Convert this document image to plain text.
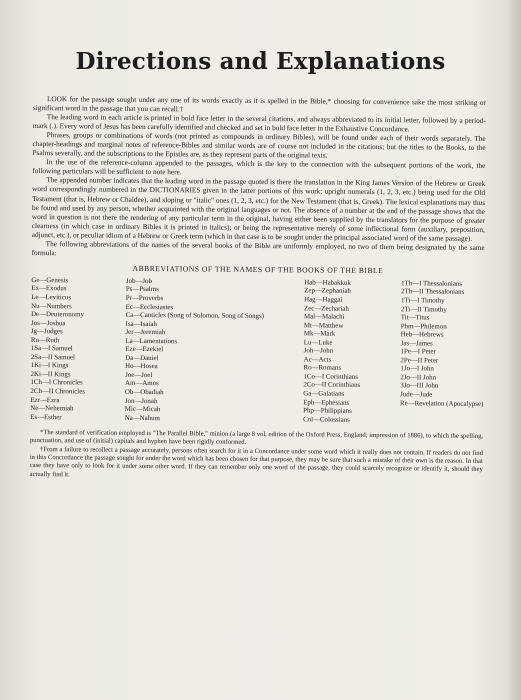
Directions and Explanations

LOOK for the passage sought under any one of its words exactly as it is spelled in the Bible,* choosing for convenience sake the most striking or significant word in the passage that you can recall.†

The leading word in each article is printed in bold face letter in the several citations, and always abbreviated to its initial letter, followed by a period-mark (.). Every word of Jesus has been carefully identified and checked and set in bold face letter in the Exhaustive Concordance.

Phrases, groups or combinations of words (not printed as compounds in ordinary Bibles), will be found under each of their words separately. The chapter-headings and marginal notes of reference-Bibles and similar words are of course not included in the citations; but the titles to the Books, to the Psalms severally, and the subscriptions to the Epistles are, as they represent parts of the original texts.

In the use of the reference-column appended to the passages, which is the key to the connection with the subsequent portions of the work, the following particulars will be sufficient to note here.

The appended number indicates that the leading word in the passage quoted is there the translation in the King James Version of the Hebrew or Greek word correspondingly numbered in the DICTIONARIES given in the latter portions of this work; upright numerals (1, 2, 3, etc.) being used for the Old Testament (that is, Hebrew or Chaldee), and sloping or "italic" ones (1, 2, 3, etc.) for the New Testament (that is, Greek). The lexical explanations may thus be found and used by any person, whether acquainted with the original languages or not. The absence of a number at the end of the passage shows that the word in question is not there the rendering of any particular term in the original, having either been supplied by the translators for the purpose of greater clearness (in which case in ordinary Bibles it is printed in italics); or being the representative merely of some inflectional form (auxiliary, preposition, adjunct, etc.), or peculiar idiom of a Hebrew or Greek term (which in that case is to be sought under the principal associated word of the same passage).

The following abbreviations of the names of the several books of the Bible are uniformly employed, no two of them being designated by the same formula:

ABBREVIATIONS OF THE NAMES OF THE BOOKS OF THE BIBLE
Ge—Genesis
Ex—Exodus
Le—Leviticus
Nu—Numbers
De—Deuteronomy
Jos—Joshua
Jg—Judges
Ru—Ruth
1Sa—I Samuel
2Sa—II Samuel
1Ki—I Kings
2Ki—II Kings
1Ch—I Chronicles
2Ch—II Chronicles
Ezr—Ezra
Ne—Nehemiah
Es—Esther
Job—Job
Ps—Psalms
Pr—Proverbs
Ec—Ecclesiastes
Ca—Canticles (Song of Solomon, Song of Songs)
Isa—Isaiah
Jer—Jeremiah
La—Lamentations
Eze—Ezekiel
Da—Daniel
Ho—Hosea
Joe—Joel
Am—Amos
Ob—Obadiah
Jon—Jonah
Mic—Micah
Na—Nahum
Hab—Habakkuk
Zep—Zephaniah
Hag—Haggai
Zec—Zechariah
Mal—Malachi
Mt—Matthew
Mk—Mark
Lu—Luke
Joh—John
Ac—Acts
Ro—Romans
1Co—I Corinthians
2Co—II Corinthians
Ga—Galatians
Eph—Ephesians
Php—Philippians
Col—Colossians
1Th—I Thessalonians
2Th—II Thessalonians
1Ti—I Timothy
2Ti—II Timothy
Tit—Titus
Phm—Philemon
Heb—Hebrews
Jas—James
1Pe—I Peter
2Pe—II Peter
1Jo—I John
2Jo—II John
3Jo—III John
Jude—Jude
Re—Revelation (Apocalypse)

*The standard of verification employed is "The Parallel Bible," minion (a large 8 vol. edition of the Oxford Press, England; impression of 1886), to which the spelling, punctuation, and use of (initial) capitals and hyphen have been rigidly conformed.

†From a failure to recollect a passage accurately, persons often search for it in a Concordance under some word which it really does not contain. If readers do not find in this Concordance the passage sought for under the word which has been chosen for that purpose, they may be sure that such a mistake of their own is the reason. In that case they have only to look for it under some other word. If they can remember only one word of the passage, they could scarcely recognize or identify it, should they actually find it.
